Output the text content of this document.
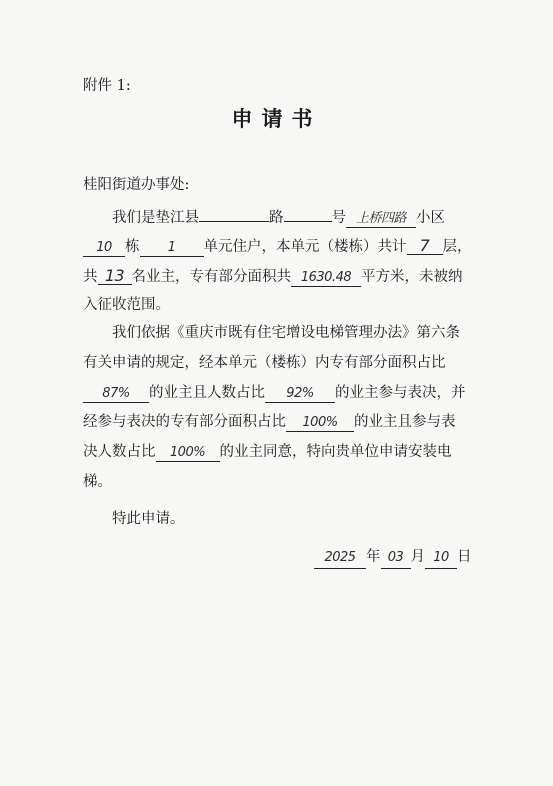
附件 1:
申请书
桂阳街道办事处:
我们是垫江县	路	号 上桥四路 小区
10 栋 1 单元住户，本单元（楼栋）共计 7 层，
共 13 名业主，专有部分面积共 1630.48 平方米，未被纳
入征收范围。
我们依据《重庆市既有住宅增设电梯管理办法》第六条
有关申请的规定，经本单元（楼栋）内专有部分面积占比
87% 的业主且人数占比 92% 的业主参与表决，并
经参与表决的专有部分面积占比 100% 的业主且参与表
决人数占比 100% 的业主同意，特向贵单位申请安装电
梯。
特此申请。
2025 年 03 月 10 日
